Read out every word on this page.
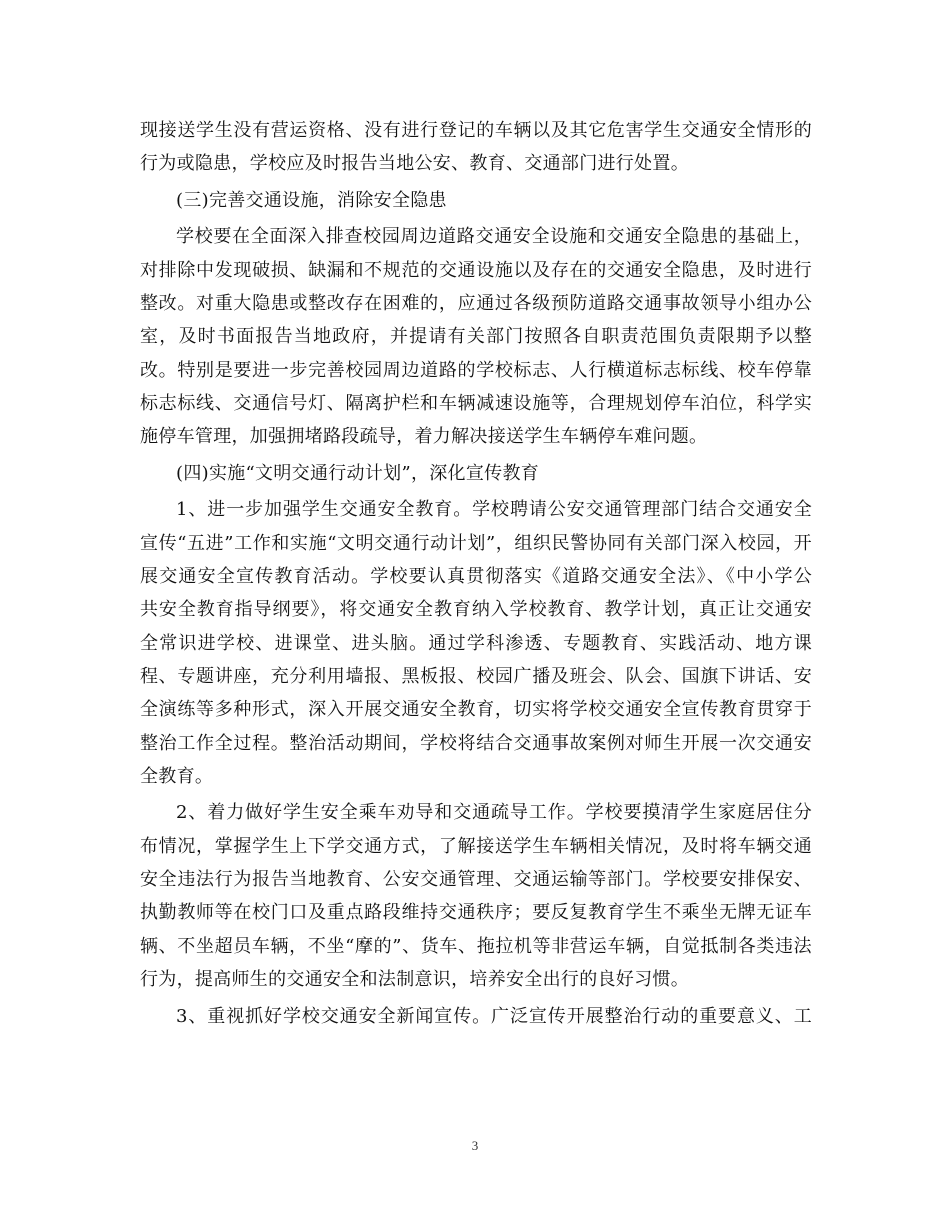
现接送学生没有营运资格、没有进行登记的车辆以及其它危害学生交通安全情形的
行为或隐患，学校应及时报告当地公安、教育、交通部门进行处置。
(三)完善交通设施，消除安全隐患
学校要在全面深入排查校园周边道路交通安全设施和交通安全隐患的基础上，
对排除中发现破损、缺漏和不规范的交通设施以及存在的交通安全隐患，及时进行
整改。对重大隐患或整改存在困难的，应通过各级预防道路交通事故领导小组办公
室，及时书面报告当地政府，并提请有关部门按照各自职责范围负责限期予以整
改。特别是要进一步完善校园周边道路的学校标志、人行横道标志标线、校车停靠
标志标线、交通信号灯、隔离护栏和车辆减速设施等，合理规划停车泊位，科学实
施停车管理，加强拥堵路段疏导，着力解决接送学生车辆停车难问题。
(四)实施“文明交通行动计划”，深化宣传教育
1、进一步加强学生交通安全教育。学校聘请公安交通管理部门结合交通安全
宣传“五进”工作和实施“文明交通行动计划”，组织民警协同有关部门深入校园，开
展交通安全宣传教育活动。学校要认真贯彻落实《道路交通安全法》、《中小学公
共安全教育指导纲要》，将交通安全教育纳入学校教育、教学计划，真正让交通安
全常识进学校、进课堂、进头脑。通过学科渗透、专题教育、实践活动、地方课
程、专题讲座，充分利用墙报、黑板报、校园广播及班会、队会、国旗下讲话、安
全演练等多种形式，深入开展交通安全教育，切实将学校交通安全宣传教育贯穿于
整治工作全过程。整治活动期间，学校将结合交通事故案例对师生开展一次交通安
全教育。
2、着力做好学生安全乘车劝导和交通疏导工作。学校要摸清学生家庭居住分
布情况，掌握学生上下学交通方式，了解接送学生车辆相关情况，及时将车辆交通
安全违法行为报告当地教育、公安交通管理、交通运输等部门。学校要安排保安、
执勤教师等在校门口及重点路段维持交通秩序；要反复教育学生不乘坐无牌无证车
辆、不坐超员车辆，不坐“摩的”、货车、拖拉机等非营运车辆，自觉抵制各类违法
行为，提高师生的交通安全和法制意识，培养安全出行的良好习惯。
3、重视抓好学校交通安全新闻宣传。广泛宣传开展整治行动的重要意义、工
3
